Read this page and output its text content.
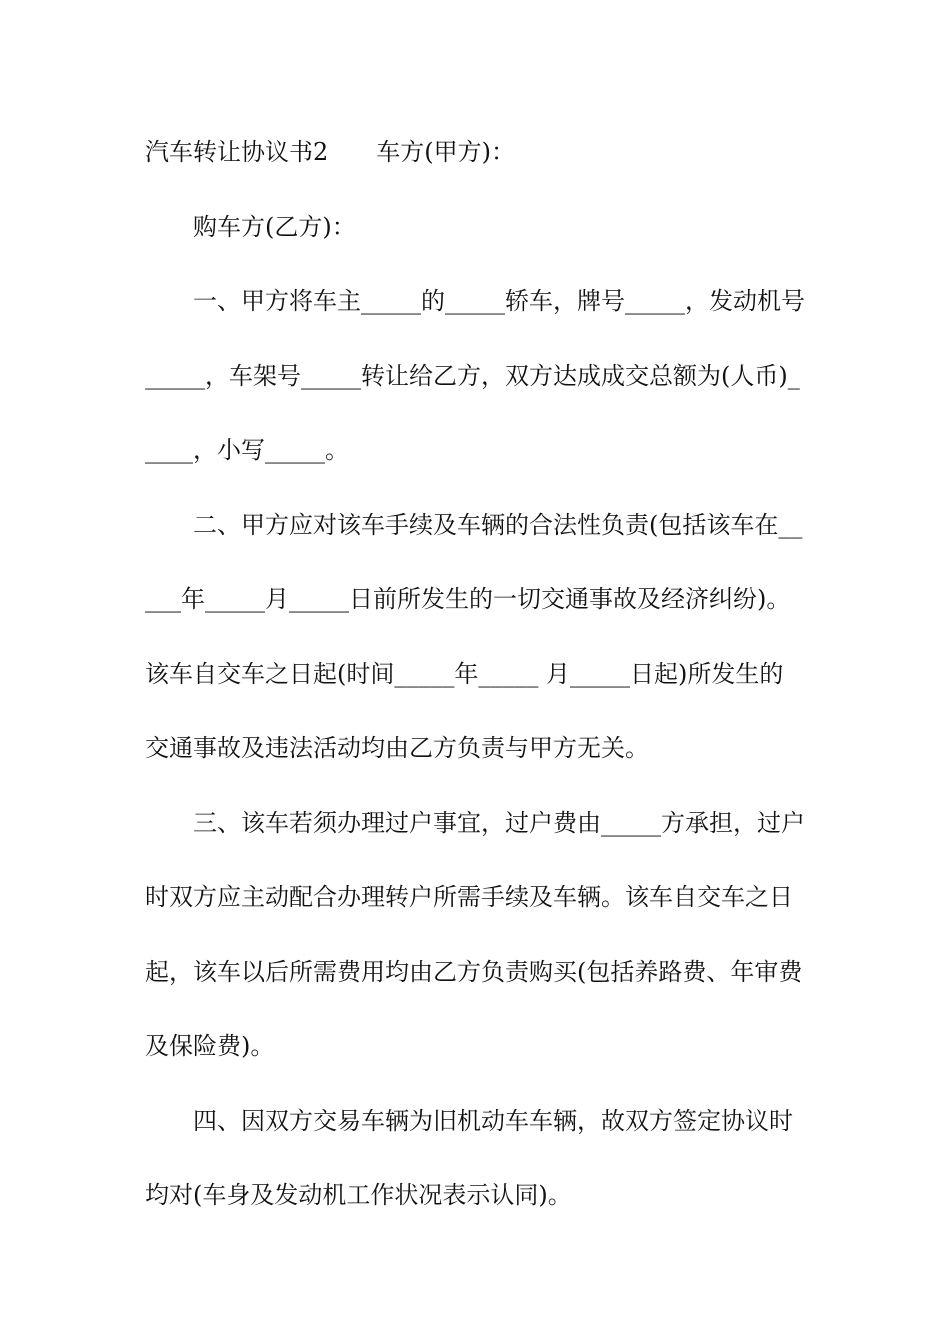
汽车转让协议书2　　车方(甲方)：
购车方(乙方)：
一、甲方将车主_____的_____轿车，牌号_____，发动机号
_____，车架号_____转让给乙方，双方达成成交总额为(人币)_
____，小写_____。
二、甲方应对该车手续及车辆的合法性负责(包括该车在__
___年_____月_____日前所发生的一切交通事故及经济纠纷)。
该车自交车之日起(时间_____年_____ 月_____日起)所发生的
交通事故及违法活动均由乙方负责与甲方无关。
三、该车若须办理过户事宜，过户费由_____方承担，过户
时双方应主动配合办理转户所需手续及车辆。该车自交车之日
起，该车以后所需费用均由乙方负责购买(包括养路费、年审费
及保险费)。
四、因双方交易车辆为旧机动车车辆，故双方签定协议时
均对(车身及发动机工作状况表示认同)。
